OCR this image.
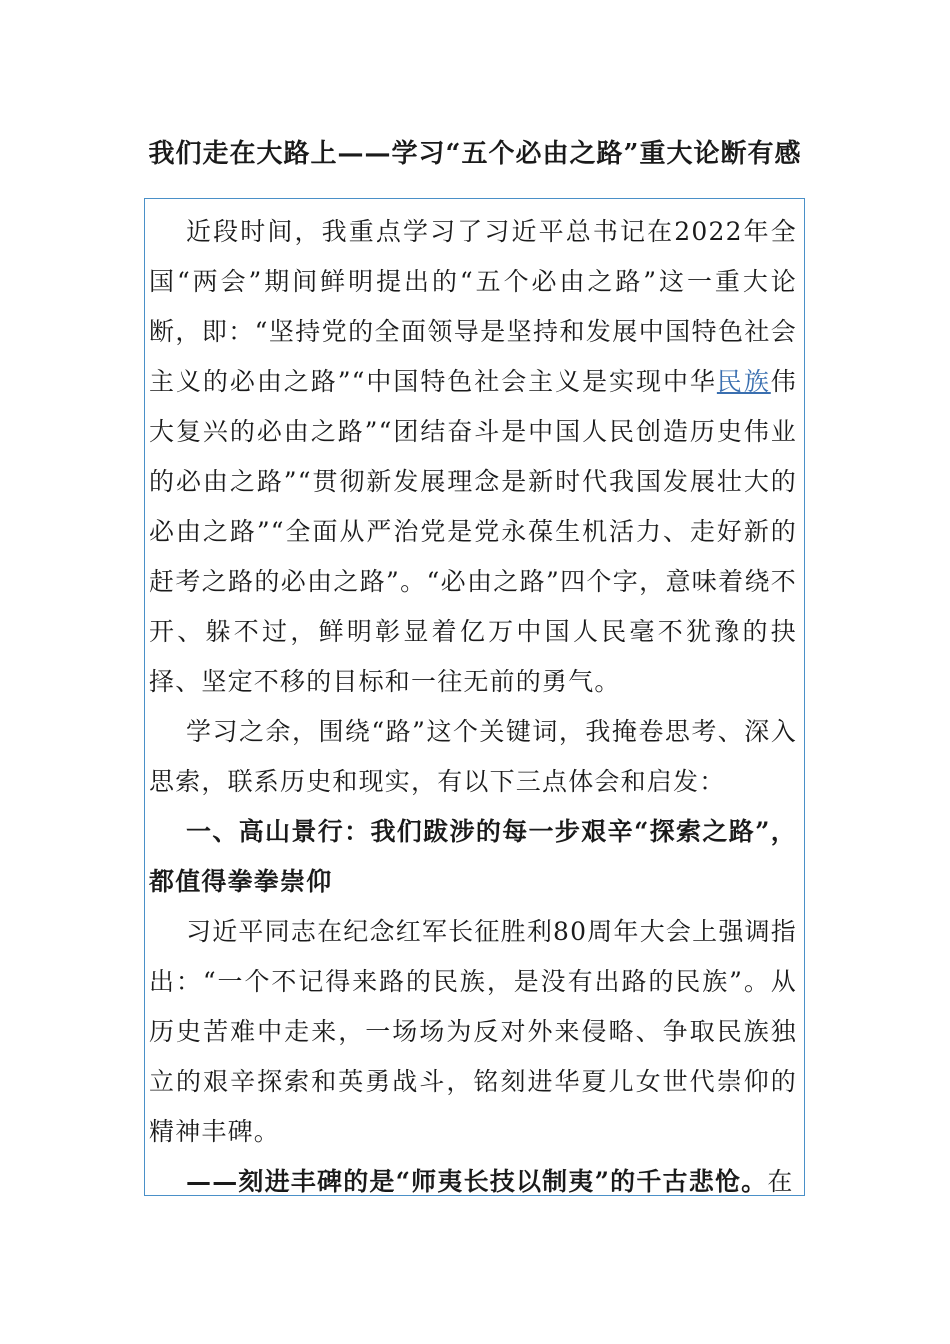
我们走在大路上——学习“五个必由之路”重大论断有感

近段时间，我重点学习了习近平总书记在2022年全国“两会”期间鲜明提出的“五个必由之路”这一重大论断，即：“坚持党的全面领导是坚持和发展中国特色社会主义的必由之路”“中国特色社会主义是实现中华民族伟大复兴的必由之路”“团结奋斗是中国人民创造历史伟业的必由之路”“贯彻新发展理念是新时代我国发展壮大的必由之路”“全面从严治党是党永葆生机活力、走好新的赶考之路的必由之路”。“必由之路”四个字，意味着绕不开、躲不过，鲜明彰显着亿万中国人民毫不犹豫的抉择、坚定不移的目标和一往无前的勇气。

学习之余，围绕“路”这个关键词，我掩卷思考、深入思索，联系历史和现实，有以下三点体会和启发：

一、高山景行：我们跋涉的每一步艰辛“探索之路”，都值得拳拳崇仰

习近平同志在纪念红军长征胜利80周年大会上强调指出：“一个不记得来路的民族，是没有出路的民族”。从历史苦难中走来，一场场为反对外来侵略、争取民族独立的艰辛探索和英勇战斗，铭刻进华夏儿女世代崇仰的精神丰碑。

——刻进丰碑的是“师夷长技以制夷”的千古悲怆。在
